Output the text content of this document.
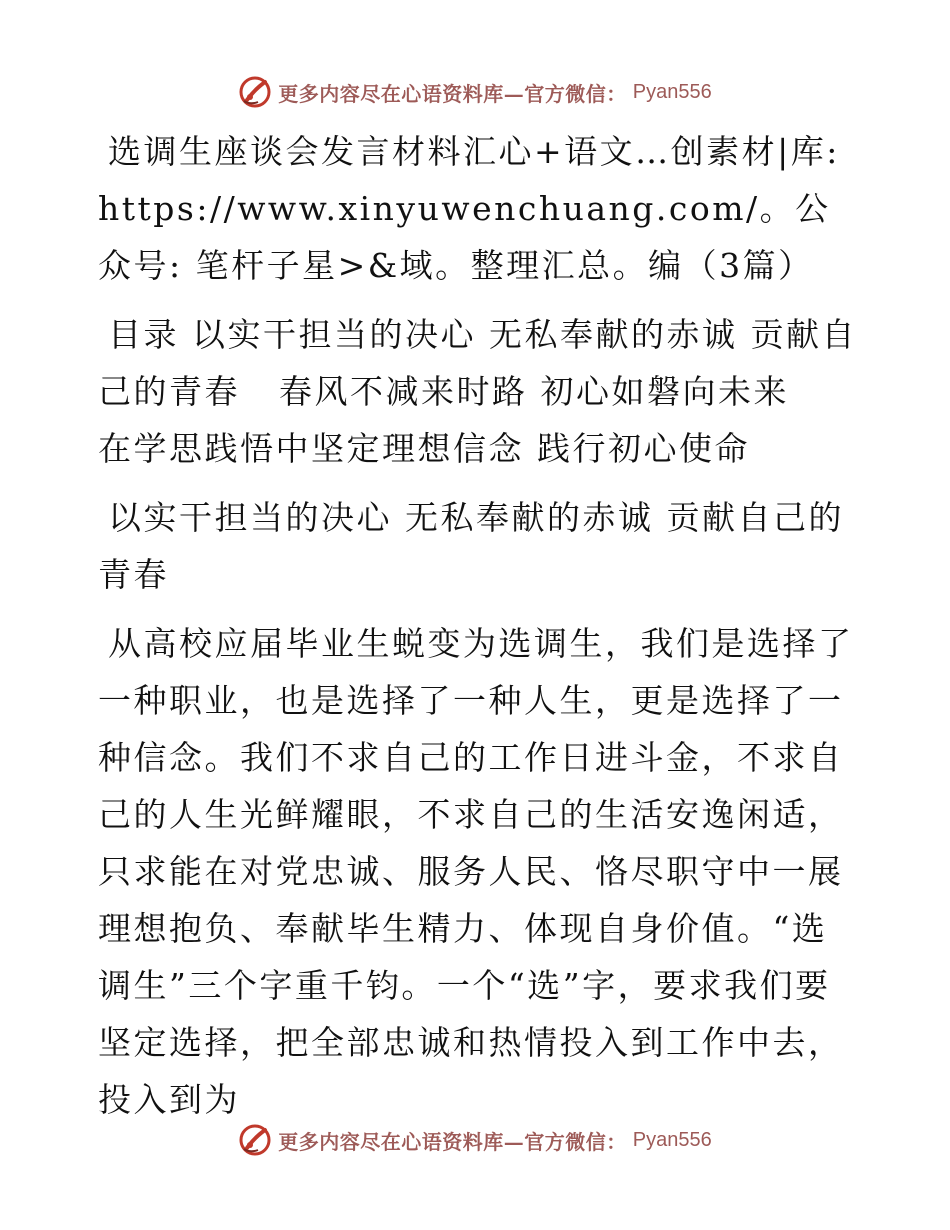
更多内容尽在心语资料库—官方微信： Pyan556

选调生座谈会发言材料汇心+语文…创素材|库: https://www.xinyuwenchuang.com/。公众号: 笔杆子星>&域。整理汇总。编（3篇）

目录 以实干担当的决心 无私奉献的赤诚 贡献自己的青春   春风不减来时路 初心如磐向未来   在学思践悟中坚定理想信念 践行初心使命

以实干担当的决心 无私奉献的赤诚 贡献自己的青春

从高校应届毕业生蜕变为选调生，我们是选择了一种职业，也是选择了一种人生，更是选择了一种信念。我们不求自己的工作日进斗金，不求自己的人生光鲜耀眼，不求自己的生活安逸闲适，只求能在对党忠诚、服务人民、恪尽职守中一展理想抱负、奉献毕生精力、体现自身价值。“选调生”三个字重千钧。一个“选”字，要求我们要坚定选择，把全部忠诚和热情投入到工作中去，投入到为

更多内容尽在心语资料库—官方微信： Pyan556
